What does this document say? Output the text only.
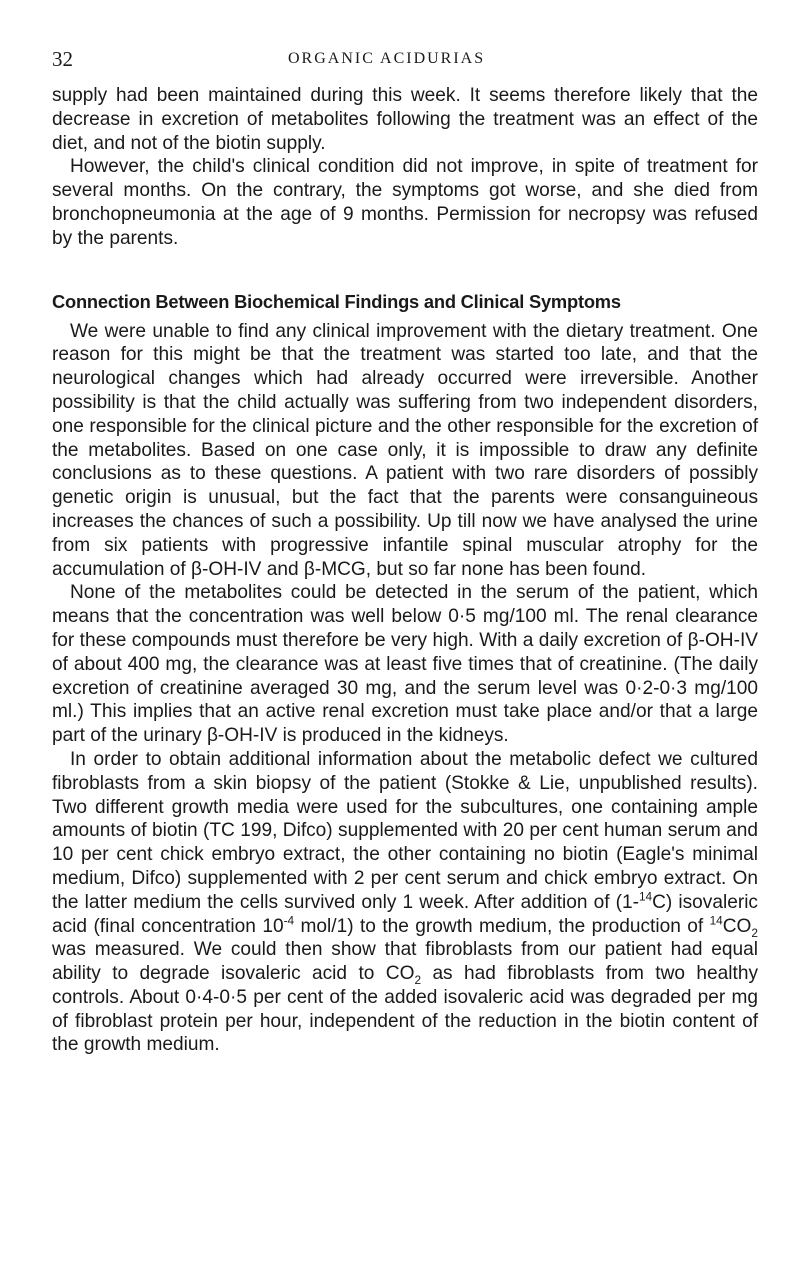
32	ORGANIC ACIDURIAS

supply had been maintained during this week. It seems therefore likely that the decrease in excretion of metabolites following the treatment was an effect of the diet, and not of the biotin supply.

However, the child's clinical condition did not improve, in spite of treatment for several months. On the contrary, the symptoms got worse, and she died from bronchopneumonia at the age of 9 months. Permission for necropsy was refused by the parents.

Connection Between Biochemical Findings and Clinical Symptoms

We were unable to find any clinical improvement with the dietary treatment. One reason for this might be that the treatment was started too late, and that the neurological changes which had already occurred were irreversible. Another possibility is that the child actually was suffering from two independent disorders, one responsible for the clinical picture and the other responsible for the excretion of the metabolites. Based on one case only, it is impossible to draw any definite conclusions as to these questions. A patient with two rare disorders of possibly genetic origin is unusual, but the fact that the parents were consanguineous increases the chances of such a possibility. Up till now we have analysed the urine from six patients with progressive infantile spinal muscular atrophy for the accumulation of β-OH-IV and β-MCG, but so far none has been found.

None of the metabolites could be detected in the serum of the patient, which means that the concentration was well below 0·5 mg/100 ml. The renal clearance for these compounds must therefore be very high. With a daily excretion of β-OH-IV of about 400 mg, the clearance was at least five times that of creatinine. (The daily excretion of creatinine averaged 30 mg, and the serum level was 0·2-0·3 mg/100 ml.) This implies that an active renal excretion must take place and/or that a large part of the urinary β-OH-IV is produced in the kidneys.

In order to obtain additional information about the metabolic defect we cultured fibroblasts from a skin biopsy of the patient (Stokke & Lie, unpublished results). Two different growth media were used for the subcultures, one containing ample amounts of biotin (TC 199, Difco) supplemented with 20 per cent human serum and 10 per cent chick embryo extract, the other containing no biotin (Eagle's minimal medium, Difco) supplemented with 2 per cent serum and chick embryo extract. On the latter medium the cells survived only 1 week. After addition of (1-$^{14}$C) isovaleric acid (final concentration $10^{-4}$ mol/1) to the growth medium, the production of $^{14}CO_2$ was measured. We could then show that fibroblasts from our patient had equal ability to degrade isovaleric acid to $CO_2$ as had fibroblasts from two healthy controls. About 0·4-0·5 per cent of the added isovaleric acid was degraded per mg of fibroblast protein per hour, independent of the reduction in the biotin content of the growth medium.
